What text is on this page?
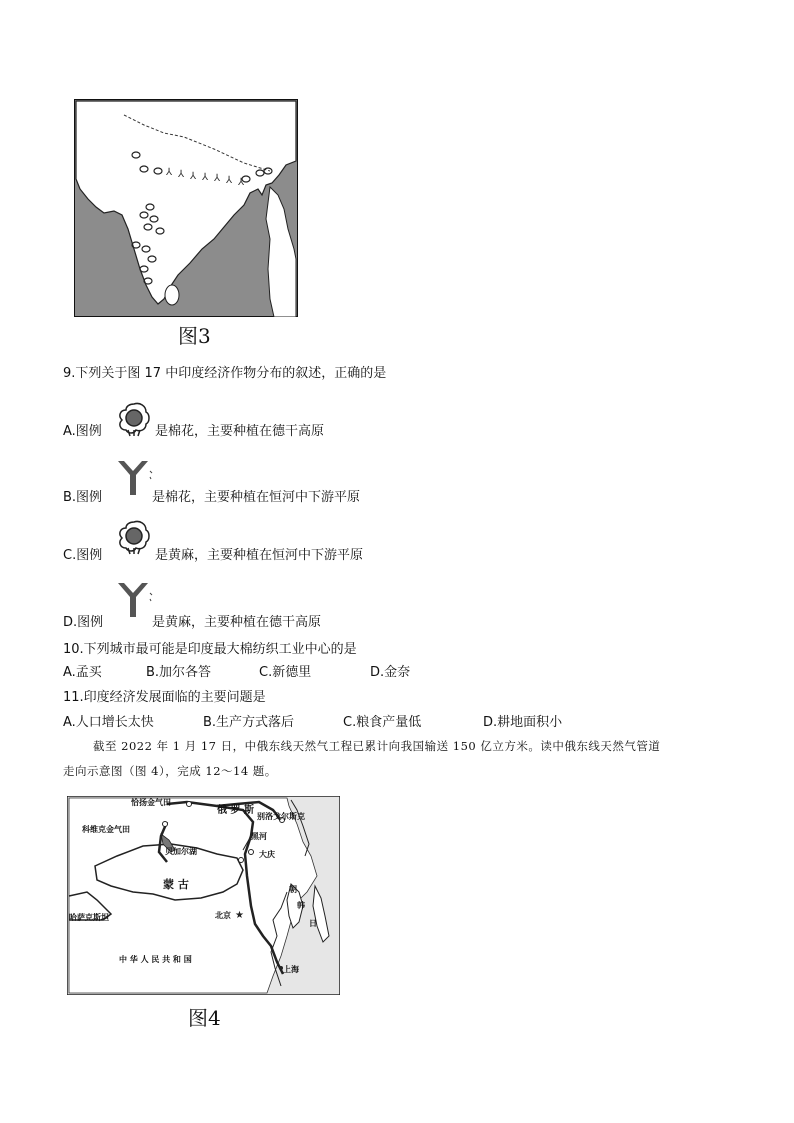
⅄ ⅄ ⅄ ⅄ ⅄ ⅄ ⅄
图3
9.下列关于图 17 中印度经济作物分布的叙述，正确的是
A.图例	是棉花，主要种植在德干高原
B.图例	是棉花，主要种植在恒河中下游平原
C.图例	是黄麻，主要种植在恒河中下游平原
D.图例	是黄麻，主要种植在德干高原
10.下列城市最可能是印度最大棉纺织工业中心的是
A.孟买	B.加尔各答	C.新德里	D.金奈
11.印度经济发展面临的主要问题是
A.人口增长太快	B.生产方式落后	C.粮食产量低	D.耕地面积小
截至 2022 年 1 月 17 日，中俄东线天然气工程已累计向我国输送 150 亿立方米。读中俄东线天然气管道
走向示意图（图 4），完成 12～14 题。
★
恰扬金气田
俄 罗 斯
科维克金气田
别洛戈尔斯克
贝加尔湖
黑河
大庆
蒙 古
哈萨克斯坦	北京
中 华 人 民 共 和 国
上海
朝
韩
日
图4
